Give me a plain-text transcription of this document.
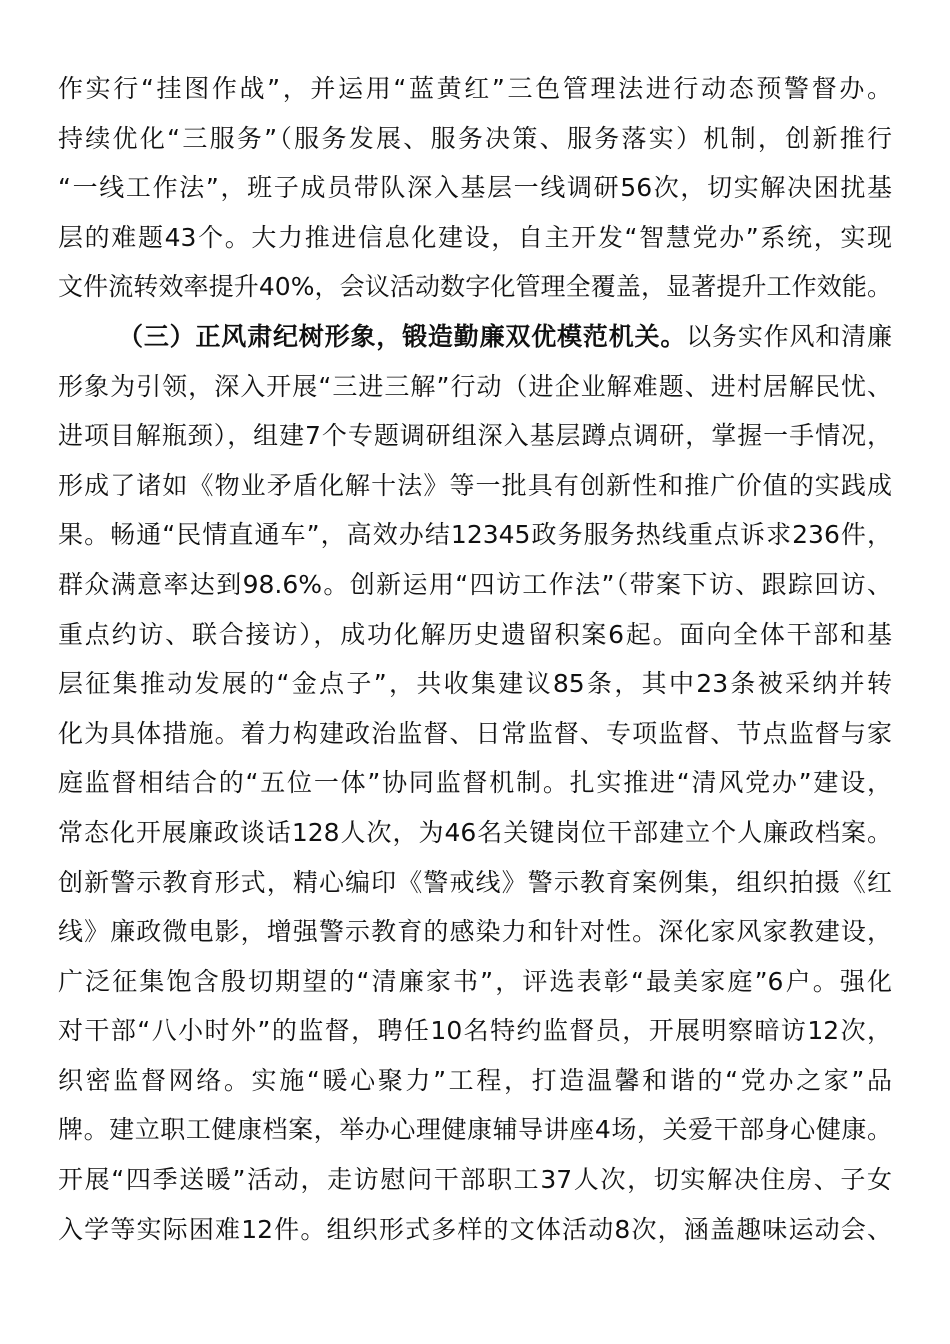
作实行“挂图作战”，并运用“蓝黄红”三色管理法进行动态预警督办。
持续优化“三服务”（服务发展、服务决策、服务落实）机制，创新推行
“一线工作法”，班子成员带队深入基层一线调研56次，切实解决困扰基
层的难题43个。大力推进信息化建设，自主开发“智慧党办”系统，实现
文件流转效率提升40%，会议活动数字化管理全覆盖，显著提升工作效能。
（三）正风肃纪树形象，锻造勤廉双优模范机关。以务实作风和清廉
形象为引领，深入开展“三进三解”行动（进企业解难题、进村居解民忧、
进项目解瓶颈），组建7个专题调研组深入基层蹲点调研，掌握一手情况，
形成了诸如《物业矛盾化解十法》等一批具有创新性和推广价值的实践成
果。畅通“民情直通车”，高效办结12345政务服务热线重点诉求236件，
群众满意率达到98.6%。创新运用“四访工作法”（带案下访、跟踪回访、
重点约访、联合接访），成功化解历史遗留积案6起。面向全体干部和基
层征集推动发展的“金点子”，共收集建议85条，其中23条被采纳并转
化为具体措施。着力构建政治监督、日常监督、专项监督、节点监督与家
庭监督相结合的“五位一体”协同监督机制。扎实推进“清风党办”建设，
常态化开展廉政谈话128人次，为46名关键岗位干部建立个人廉政档案。
创新警示教育形式，精心编印《警戒线》警示教育案例集，组织拍摄《红
线》廉政微电影，增强警示教育的感染力和针对性。深化家风家教建设，
广泛征集饱含殷切期望的“清廉家书”，评选表彰“最美家庭”6户。强化
对干部“八小时外”的监督，聘任10名特约监督员，开展明察暗访12次，
织密监督网络。实施“暖心聚力”工程，打造温馨和谐的“党办之家”品
牌。建立职工健康档案，举办心理健康辅导讲座4场，关爱干部身心健康。
开展“四季送暖”活动，走访慰问干部职工37人次，切实解决住房、子女
入学等实际困难12件。组织形式多样的文体活动8次，涵盖趣味运动会、
